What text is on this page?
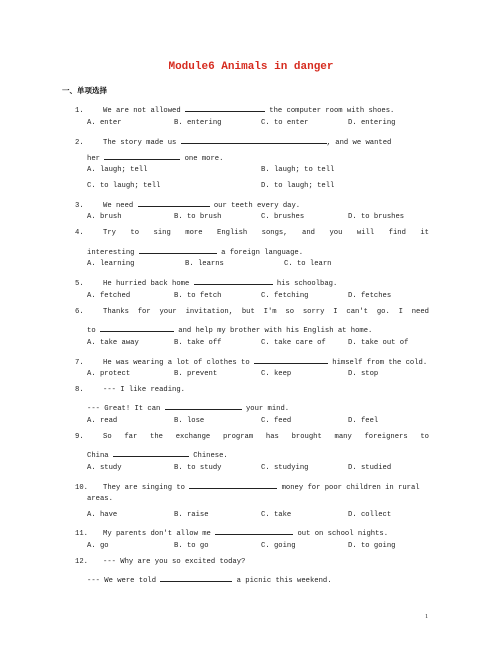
Module6 Animals in danger
一、单项选择
1.	We are not allowed	the computer room with shoes.
A. enter	B. entering	C. to enter	D. entering
2.	The story made us	, and we wanted
her	one more.
A. laugh; tell	B. laugh; to tell
C. to laugh; tell	D. to laugh; tell
3.	We need	our teeth every day.
A. brush	B. to brush	C. brushes	D. to brushes
4.	Try to sing more English songs, and you will find it
interesting	a foreign language.
A. learning	B. learns	C. to learn
5.	He hurried back home	his schoolbag.
A. fetched	B. to fetch	C. fetching	D. fetches
6.	Thanks for your invitation, but I'm so sorry I can't go. I need
to	and help my brother with his English at home.
A. take away	B. take off	C. take care of	D. take out of
7.	He was wearing a lot of clothes to	himself from the cold.
A. protect	B. prevent	C. keep	D. stop
8.	--- I like reading.
--- Great! It can	your mind.
A. read	B. lose	C. feed	D. feel
9.	So far the exchange program has brought many foreigners to
China	Chinese.
A. study	B. to study	C. studying	D. studied
10. They are singing to	money for poor children in rural
areas.
A. have	B. raise	C. take	D. collect
11. My parents don't allow me	out on school nights.
A. go	B. to go	C. going	D. to going
12. --- Why are you so excited today?
--- We were told	a picnic this weekend.
1
